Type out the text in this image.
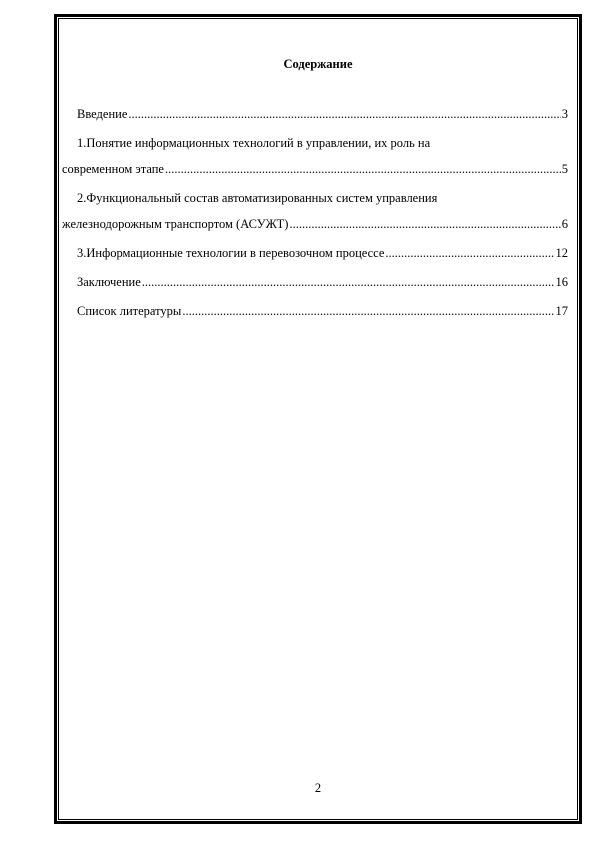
Содержание
Введение .....	3
1.Понятие информационных технологий в управлении, их роль на
современном этапе .....	5
2.Функциональный состав автоматизированных систем управления
железнодорожным транспортом (АСУЖТ) .....	6
3.Информационные технологии в перевозочном процессе .....	12
Заключение .....	16
Список литературы .....	17
2
